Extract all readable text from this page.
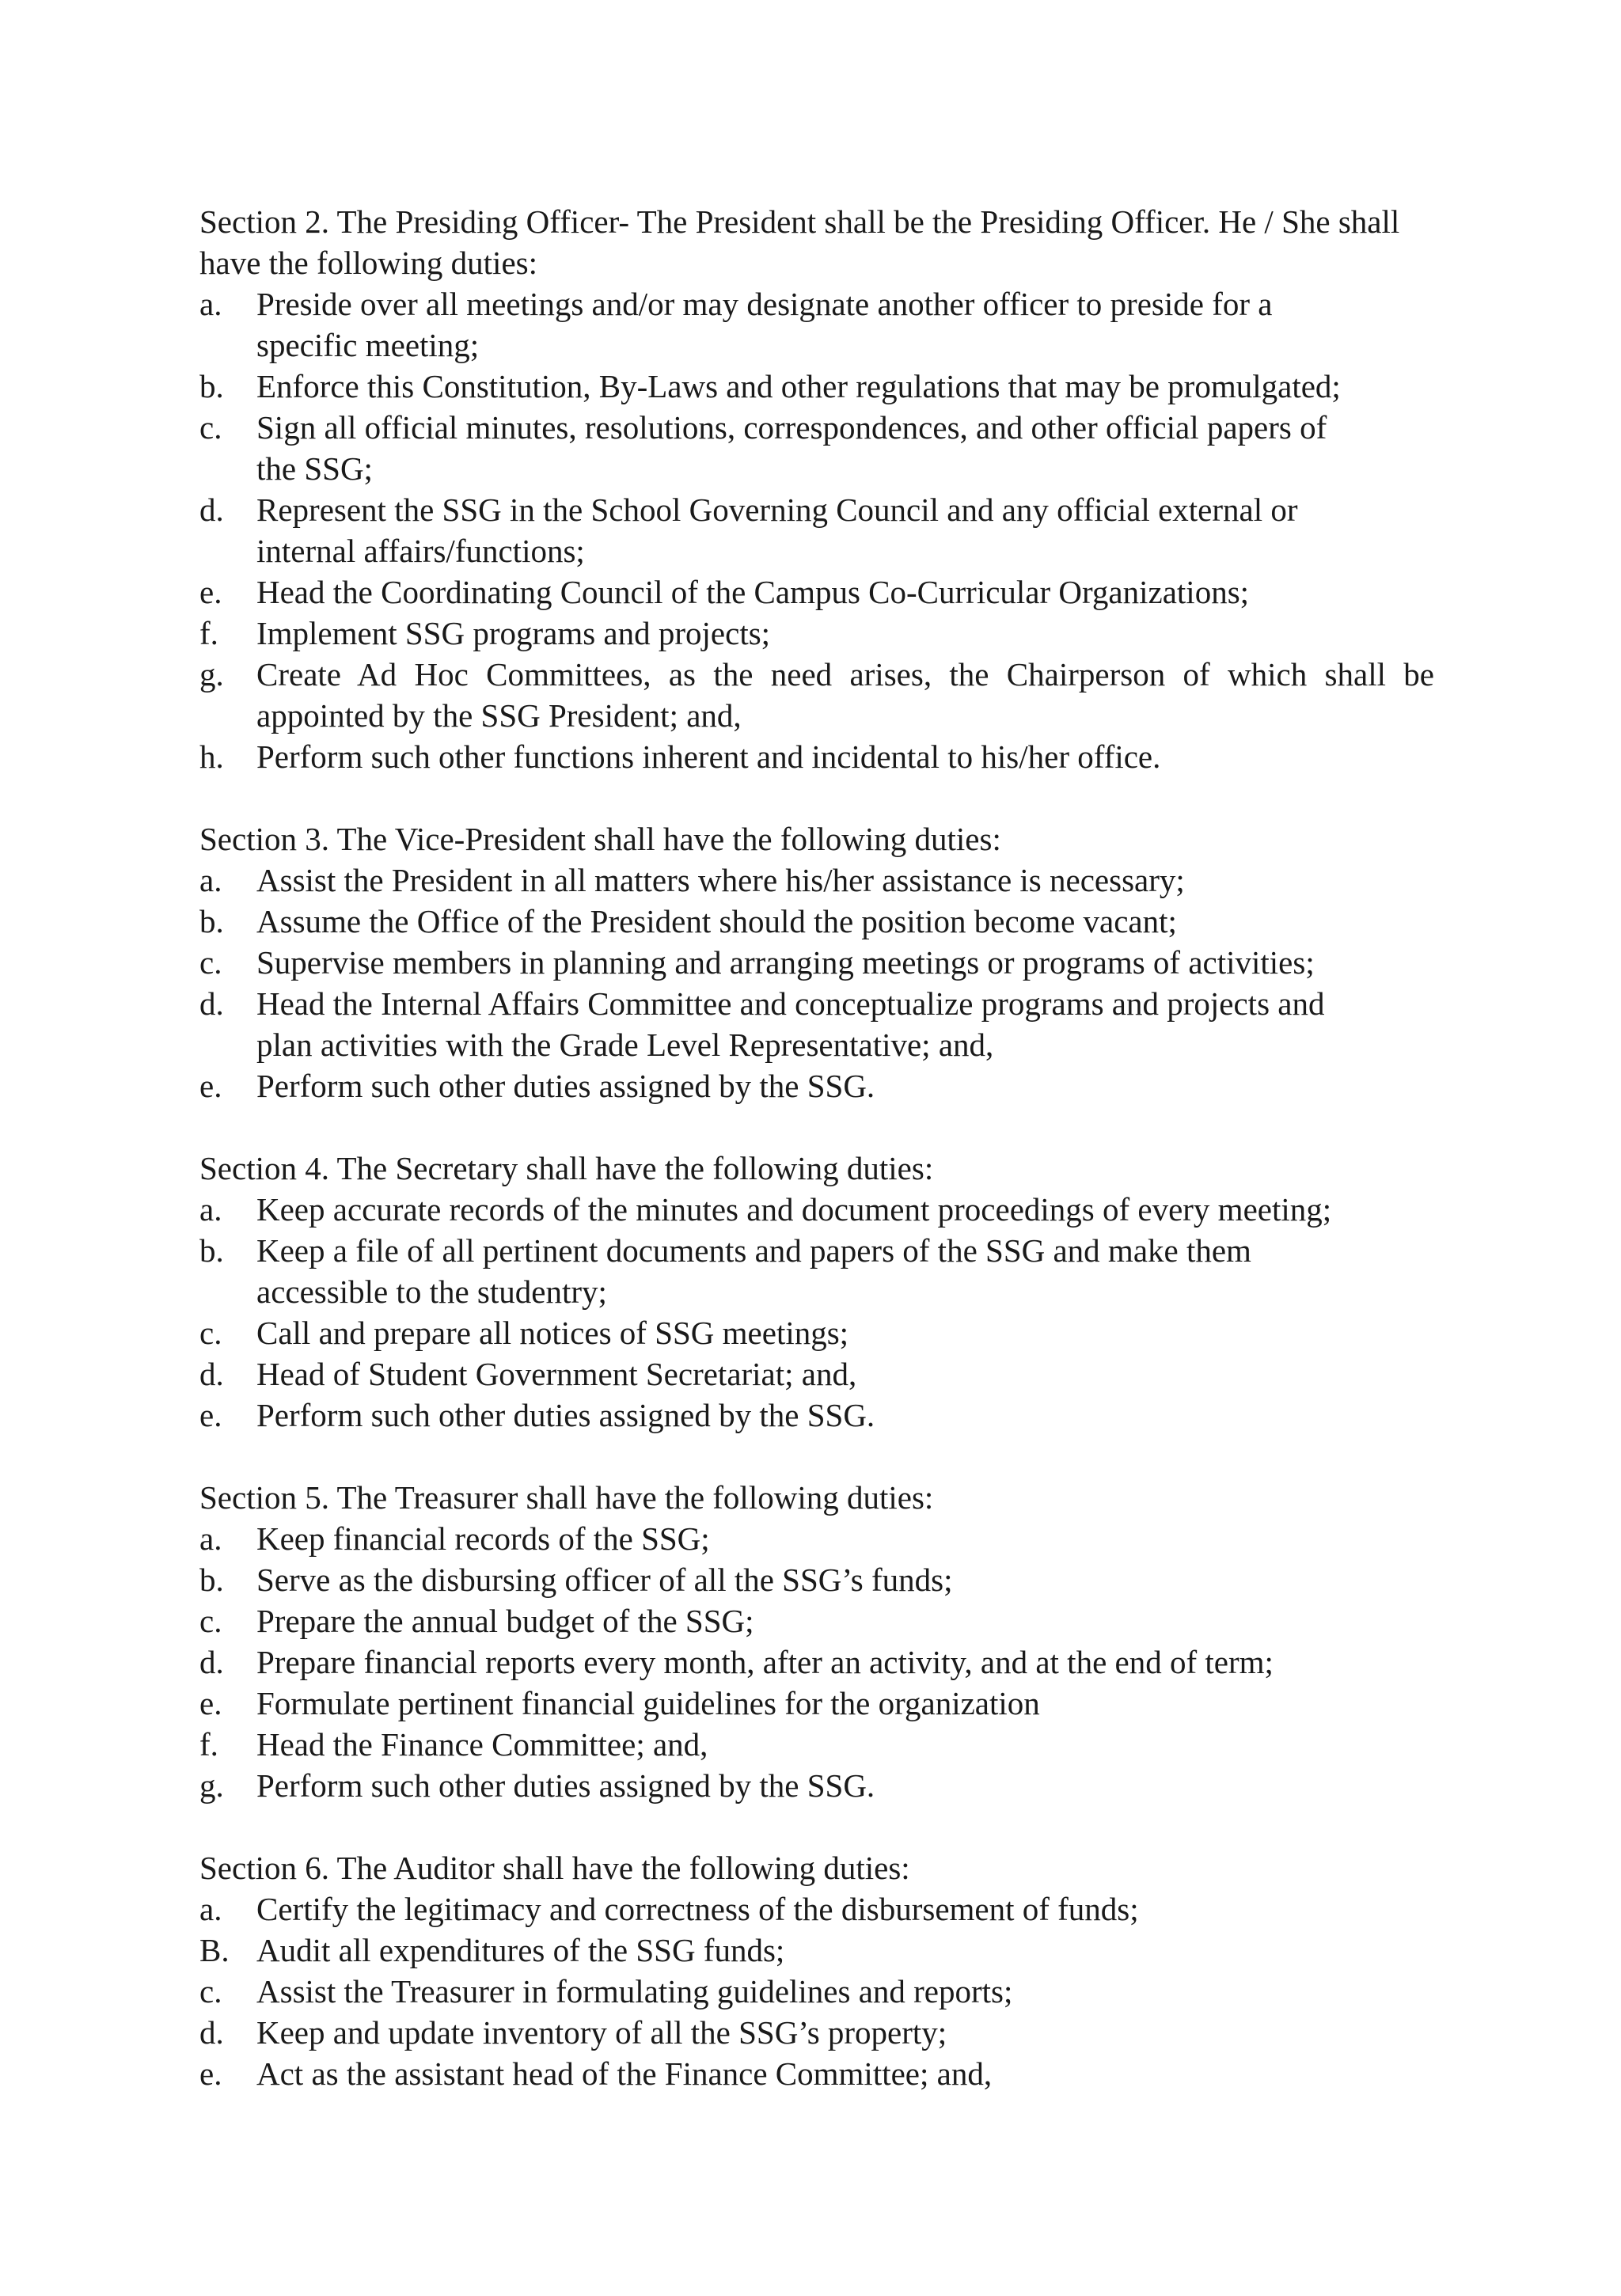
Section 2. The Presiding Officer- The President shall be the Presiding Officer. He / She shall
have the following duties:
a.	Preside over all meetings and/or may designate another officer to preside for a
specific meeting;
b.	Enforce this Constitution, By-Laws and other regulations that may be promulgated;
c.	Sign all official minutes, resolutions, correspondences, and other official papers of
the SSG;
d.	Represent the SSG in the School Governing Council and any official external or
internal affairs/functions;
e.	Head the Coordinating Council of the Campus Co-Curricular Organizations;
f.	Implement SSG programs and projects;
g.	Create Ad Hoc Committees, as the need arises, the Chairperson of which shall be
appointed by the SSG President; and,
h.	Perform such other functions inherent and incidental to his/her office.
Section 3. The Vice-President shall have the following duties:
a.	Assist the President in all matters where his/her assistance is necessary;
b.	Assume the Office of the President should the position become vacant;
c.	Supervise members in planning and arranging meetings or programs of activities;
d.	Head the Internal Affairs Committee and conceptualize programs and projects and
plan activities with the Grade Level Representative; and,
e.	Perform such other duties assigned by the SSG.
Section 4. The Secretary shall have the following duties:
a.	Keep accurate records of the minutes and document proceedings of every meeting;
b.	Keep a file of all pertinent documents and papers of the SSG and make them
accessible to the studentry;
c.	Call and prepare all notices of SSG meetings;
d.	Head of Student Government Secretariat; and,
e.	Perform such other duties assigned by the SSG.
Section 5. The Treasurer shall have the following duties:
a.	Keep financial records of the SSG;
b.	Serve as the disbursing officer of all the SSG’s funds;
c.	Prepare the annual budget of the SSG;
d.	Prepare financial reports every month, after an activity, and at the end of term;
e.	Formulate pertinent financial guidelines for the organization
f.	Head the Finance Committee; and,
g.	Perform such other duties assigned by the SSG.
Section 6. The Auditor shall have the following duties:
a.	Certify the legitimacy and correctness of the disbursement of funds;
B. Audit all expenditures of the SSG funds;
c.	Assist the Treasurer in formulating guidelines and reports;
d.	Keep and update inventory of all the SSG’s property;
e.	Act as the assistant head of the Finance Committee; and,
